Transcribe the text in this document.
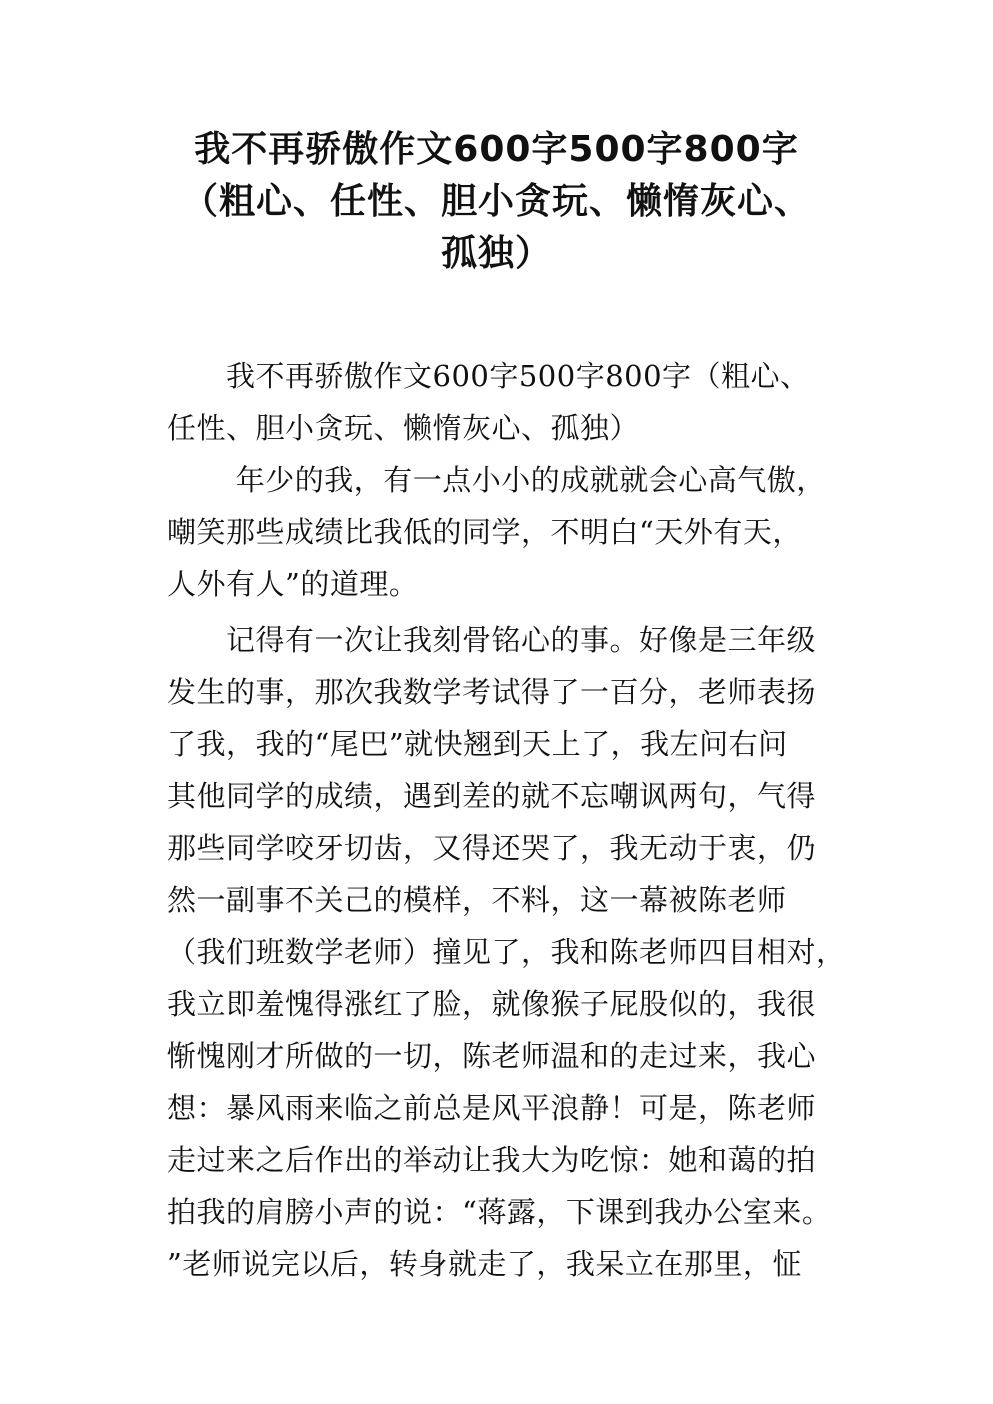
我不再骄傲作文600字500字800字
（粗心、任性、胆小贪玩、懒惰灰心、
孤独）
　　我不再骄傲作文600字500字800字（粗心、
任性、胆小贪玩、懒惰灰心、孤独）
　　 年少的我，有一点小小的成就就会心高气傲，
嘲笑那些成绩比我低的同学，不明白“天外有天，
人外有人”的道理。
　　记得有一次让我刻骨铭心的事。好像是三年级
发生的事，那次我数学考试得了一百分，老师表扬
了我，我的“尾巴”就快翘到天上了，我左问右问
其他同学的成绩，遇到差的就不忘嘲讽两句，气得
那些同学咬牙切齿，又得还哭了，我无动于衷，仍
然一副事不关己的模样，不料，这一幕被陈老师
（我们班数学老师）撞见了，我和陈老师四目相对，
我立即羞愧得涨红了脸，就像猴子屁股似的，我很
惭愧刚才所做的一切，陈老师温和的走过来，我心
想：暴风雨来临之前总是风平浪静！可是，陈老师
走过来之后作出的举动让我大为吃惊：她和蔼的拍
拍我的肩膀小声的说：“蒋露，下课到我办公室来。
”老师说完以后，转身就走了，我呆立在那里，怔
